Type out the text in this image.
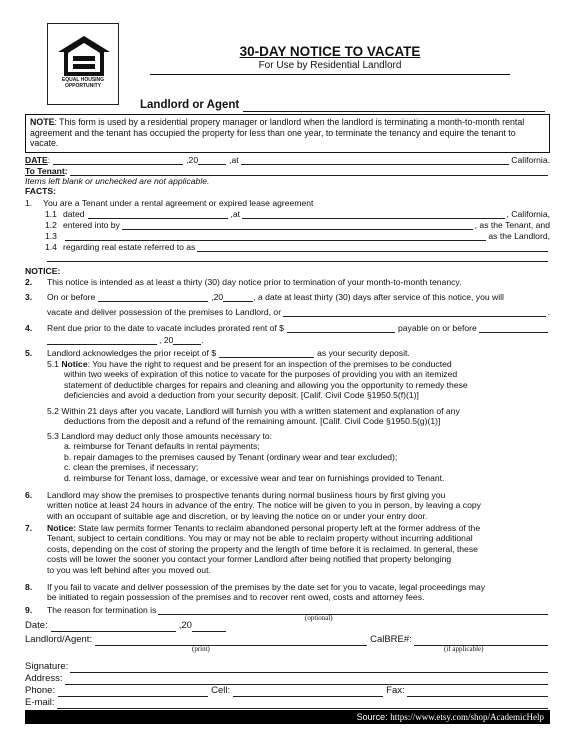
EQUAL HOUSING
OPPORTUNITY
30-DAY NOTICE TO VACATE
For Use by Residential Landlord
Landlord or Agent
NOTE: This form is used by a residential propery manager or landlord when the landlord is terminating a month-to-month rental agreement and the tenant has occupied the property for less than one year, to terminate the tenancy and equire the tenant to vacate.
DATE :	, 20	, at	California.
To Tenant :
Items left blank or unchecked are not applicable.
FACTS:
1.	You are a Tenant under a rental agreement or expired lease agreement
1.1 dated	, at	, California,
1.2 entered into by	, as the Tenant, and
1.3	as the Landlord,
1.4 regarding real estate referred to as
NOTICE:
2.	This notice is intended as at least a thirty (30) day notice prior to termination of your month-to-month tenancy.
3.	On or before	, 20	, a date at least thirty (30) days after service of this notice, you will
vacate and deliver possession of the premises to Landlord, or	.
4.	Rent due prior to the date to vacate includes prorated rent of $	payable on or before
, 20	.
5.	Landlord acknowledges the prior receipt of $	as your security deposit.
5.1 Notice: You have the right to request and be present for an inspection of the premises to be conducted
within two weeks of expiration of this notice to vacate for the purposes of providing you with an itemized
statement of deductible charges for repairs and cleaning and allowing you the opportunity to remedy these
deficiencies and avoid a deduction from your security deposit. [Calif. Civil Code §1950.5(f)(1)]
5.2 Within 21 days after you vacate, Landlord will furnish you with a written statement and explanation of any
deductions from the deposit and a refund of the remaining amount. [Calif. Civil Code §1950.5(g)(1)]
5.3 Landlord may deduct only those amounts necessary to:
a. reimburse for Tenant defaults in rental payments;
b. repair damages to the premises caused by Tenant (ordinary wear and tear excluded);
c. clean the premises, if necessary;
d. reimburse for Tenant loss, damage, or excessive wear and tear on furnishings provided to Tenant.
6. Landlord may show the premises to prospective tenants during normal busiiness hours by first giving you
written notice at least 24 hours in advance of the entry. The notice will be given to you in person, by leaving a copy
with an occupant of suitable age and discretion, or by leaving the notice on or under your entry door.
7. Notice: State law permits former Tenants to reclaim abandoned personal property left at the former address of the
Tenant, subject to certain conditions. You may or may not be able to reclaim property without incurring additional
costs, depending on the cost of storing the property and the length of time before it is reclaimed. In general, these
costs will be lower the sooner you contact your former Landlord after being notified that property belonging
to you was left behind after you moved out.
8. If you fail to vacate and deliver possession of the premises by the date set for you to vacate, legal proceedings may
be initiated to regain possession of the premises and to recover rent owed, costs and attorney fees.
9.	The reason for termination is
(optional)
Date:	, 20
Landlord/Agent:	CalBRE#:
(print)	(if applicable)
Signature:
Address:
Phone:	Cell:	Fax:
E-mail:
Source: https://www.etsy.com/shop/AcademicHelp
